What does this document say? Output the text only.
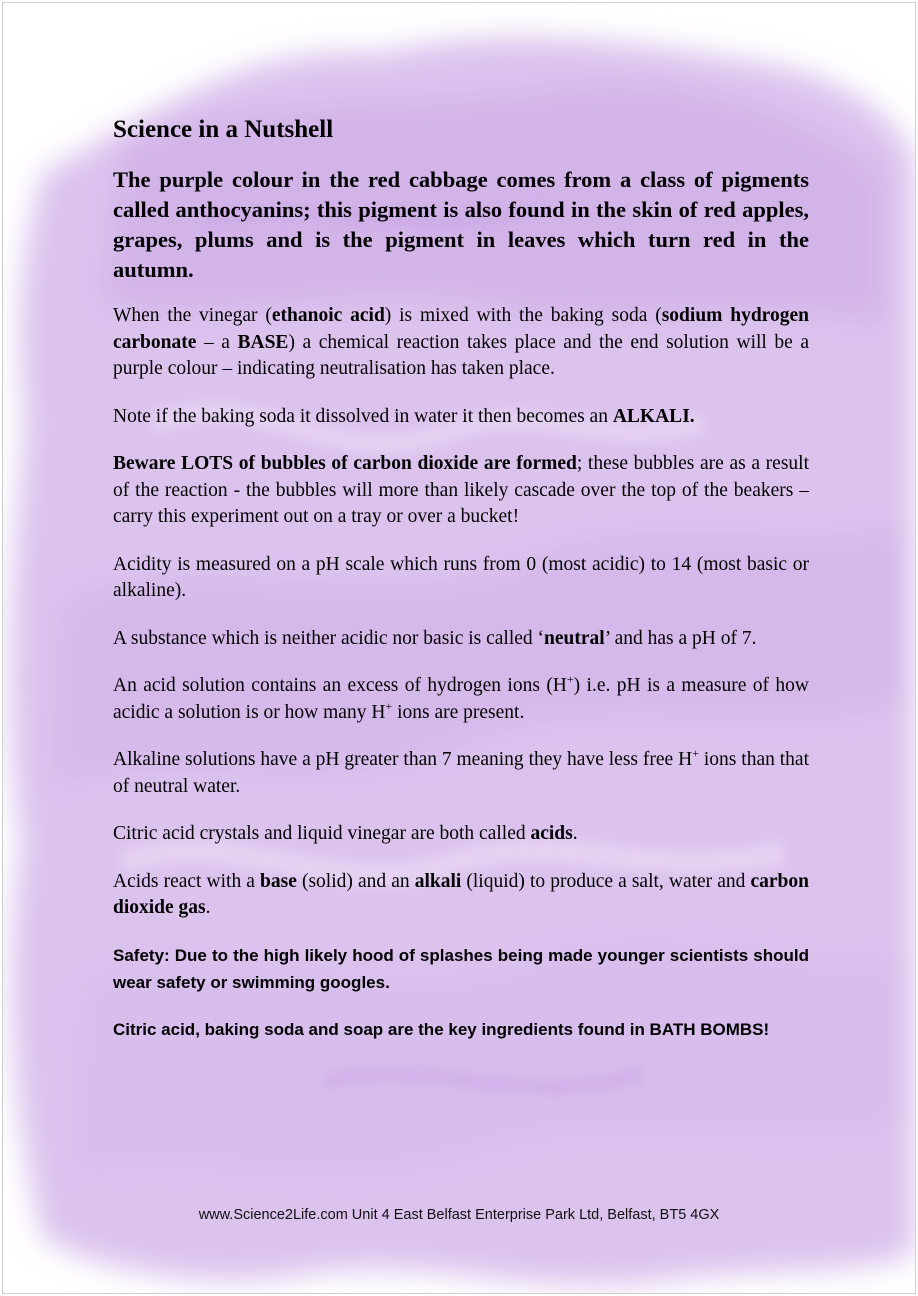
Science in a Nutshell

The purple colour in the red cabbage comes from a class of pigments called anthocyanins; this pigment is also found in the skin of red apples, grapes, plums and is the pigment in leaves which turn red in the autumn.

When the vinegar (ethanoic acid) is mixed with the baking soda (sodium hydrogen carbonate – a BASE) a chemical reaction takes place and the end solution will be a purple colour – indicating neutralisation has taken place.

Note if the baking soda it dissolved in water it then becomes an ALKALI.

Beware LOTS of bubbles of carbon dioxide are formed; these bubbles are as a result of the reaction - the bubbles will more than likely cascade over the top of the beakers – carry this experiment out on a tray or over a bucket!

Acidity is measured on a pH scale which runs from 0 (most acidic) to 14 (most basic or alkaline).

A substance which is neither acidic nor basic is called ‘neutral’ and has a pH of 7.

An acid solution contains an excess of hydrogen ions (H+) i.e. pH is a measure of how acidic a solution is or how many H+ ions are present.

Alkaline solutions have a pH greater than 7 meaning they have less free H+ ions than that of neutral water.

Citric acid crystals and liquid vinegar are both called acids.

Acids react with a base (solid) and an alkali (liquid) to produce a salt, water and carbon dioxide gas.

Safety: Due to the high likely hood of splashes being made younger scientists should wear safety or swimming googles.

Citric acid, baking soda and soap are the key ingredients found in BATH BOMBS!

www.Science2Life.com Unit 4 East Belfast Enterprise Park Ltd, Belfast, BT5 4GX
